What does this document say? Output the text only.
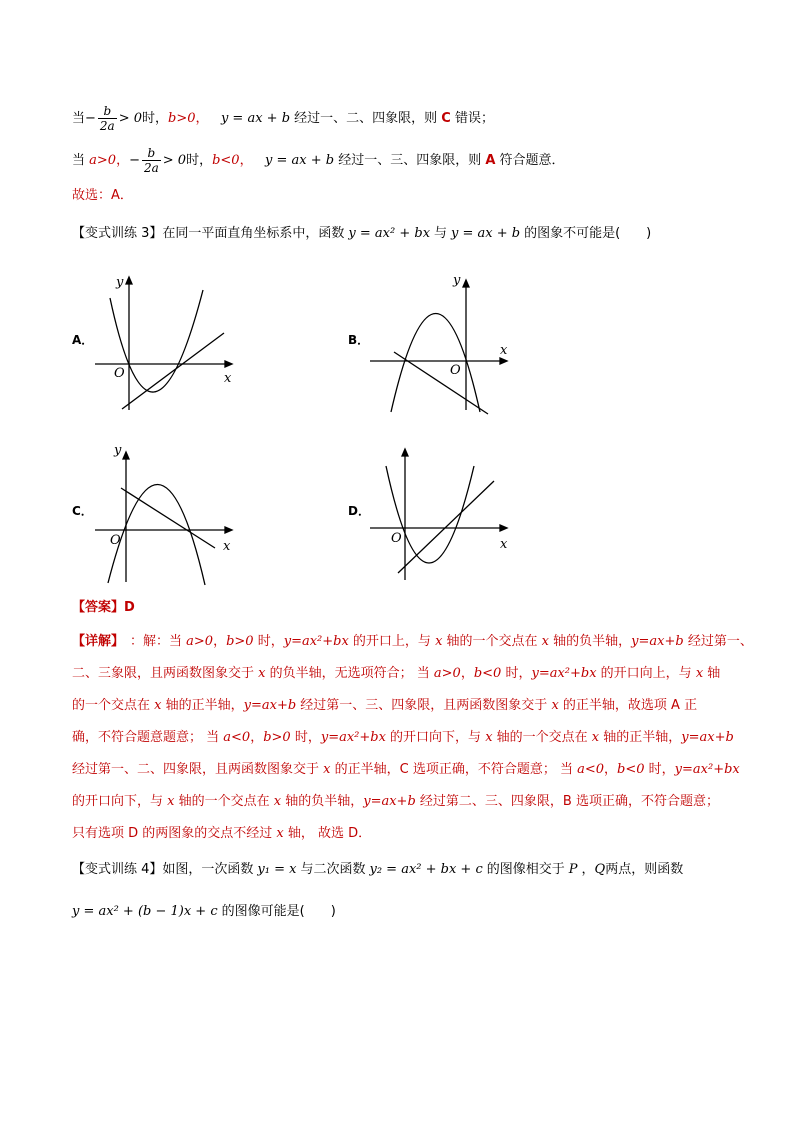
当− $\frac{b}{2a} > 0$时，b>0， y = ax + b 经过一、二、四象限，则 C 错误；
当 a>0，− $\frac{b}{2a} > 0$时，b<0， y = ax + b 经过一、三、四象限，则 A 符合题意．
故选：A．
【变式训练 3】在同一平面直角坐标系中，函数 y = ax² + bx 与 y = ax + b 的图象不可能是(　　)
A．	B．
C．	D．
y
x
O
y
x
O
y
x
O	x
O
【答案】D
【详解】 ：解：当 a>0，b>0 时，y=ax²+bx 的开口上，与 x 轴的一个交点在 x 轴的负半轴，y=ax+b 经过第一、
二、三象限，且两函数图象交于 x 的负半轴，无选项符合； 当 a>0，b<0 时，y=ax²+bx 的开口向上，与 x 轴
的一个交点在 x 轴的正半轴，y=ax+b 经过第一、三、四象限，且两函数图象交于 x 的正半轴，故选项 A 正
确，不符合题意题意； 当 a<0，b>0 时，y=ax²+bx 的开口向下，与 x 轴的一个交点在 x 轴的正半轴，y=ax+b
经过第一、二、四象限，且两函数图象交于 x 的正半轴，C 选项正确，不符合题意； 当 a<0，b<0 时，y=ax²+bx
的开口向下，与 x 轴的一个交点在 x 轴的负半轴，y=ax+b 经过第二、三、四象限，B 选项正确，不符合题意；
只有选项 D 的两图象的交点不经过 x 轴， 故选 D．
【变式训练 4】如图，一次函数 y₁ = x 与二次函数 y₂ = ax² + bx + c 的图像相交于 P ，Q两点，则函数
y = ax² + (b − 1)x + c 的图像可能是(　　)
